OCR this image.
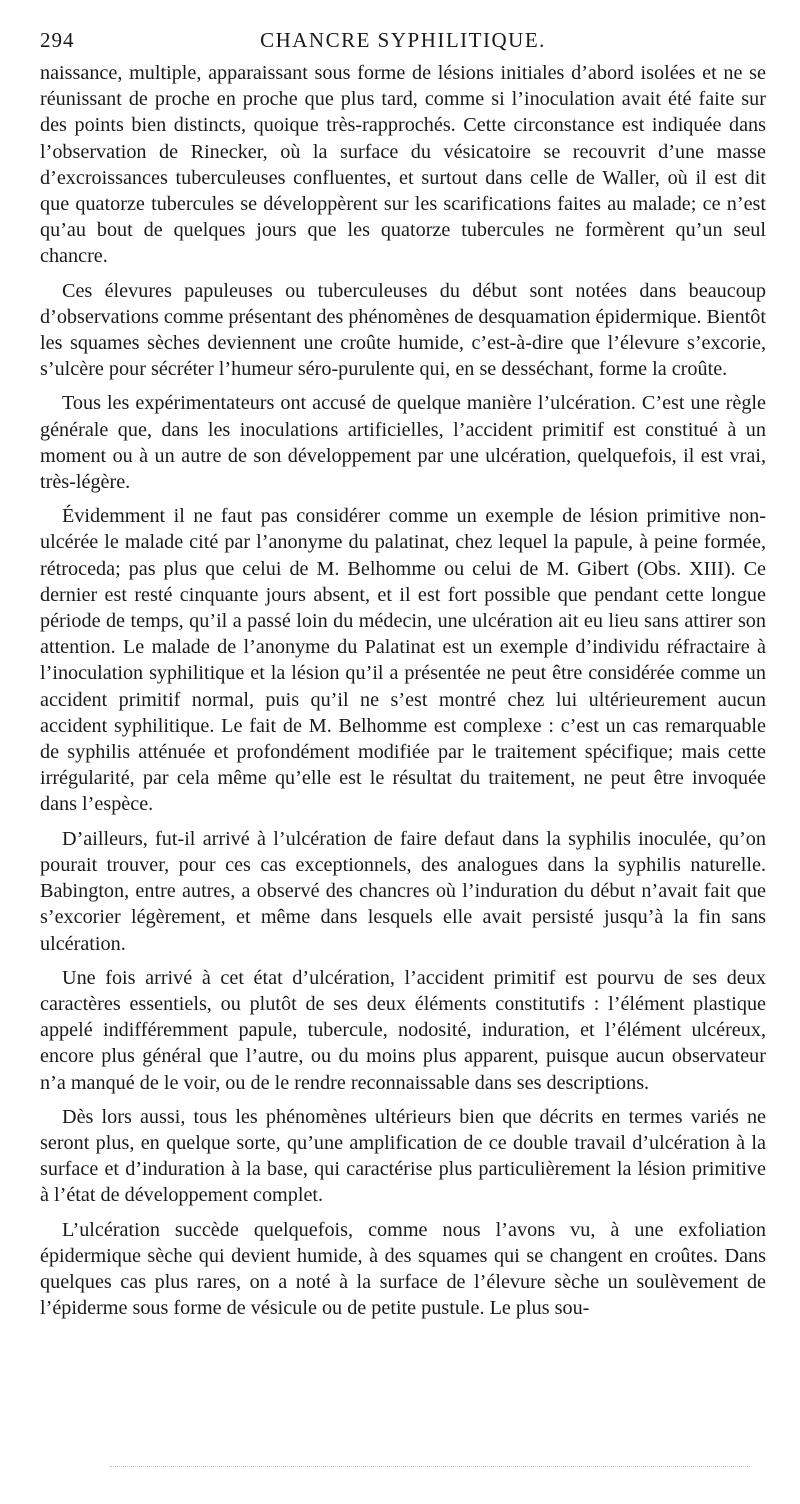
294	CHANCRE SYPHILITIQUE.

naissance, multiple, apparaissant sous forme de lésions initiales d’abord isolées et ne se réunissant de proche en proche que plus tard, comme si l’inoculation avait été faite sur des points bien distincts, quoique très-rapprochés. Cette circonstance est indiquée dans l’observation de Rinecker, où la surface du vésicatoire se recouvrit d’une masse d’excroissances tuberculeuses confluentes, et surtout dans celle de Waller, où il est dit que quatorze tubercules se développèrent sur les scarifications faites au malade; ce n’est qu’au bout de quelques jours que les quatorze tubercules ne formèrent qu’un seul chancre.

Ces élevures papuleuses ou tuberculeuses du début sont notées dans beaucoup d’observations comme présentant des phénomènes de desquamation épidermique. Bientôt les squames sèches deviennent une croûte humide, c’est-à-dire que l’élevure s’excorie, s’ulcère pour sécréter l’humeur séro-purulente qui, en se desséchant, forme la croûte.

Tous les expérimentateurs ont accusé de quelque manière l’ulcération. C’est une règle générale que, dans les inoculations artificielles, l’accident primitif est constitué à un moment ou à un autre de son développement par une ulcération, quelquefois, il est vrai, très-légère.

Évidemment il ne faut pas considérer comme un exemple de lésion primitive non-ulcérée le malade cité par l’anonyme du palatinat, chez lequel la papule, à peine formée, rétroceda; pas plus que celui de M. Belhomme ou celui de M. Gibert (Obs. XIII). Ce dernier est resté cinquante jours absent, et il est fort possible que pendant cette longue période de temps, qu’il a passé loin du médecin, une ulcération ait eu lieu sans attirer son attention. Le malade de l’anonyme du Palatinat est un exemple d’individu réfractaire à l’inoculation syphilitique et la lésion qu’il a présentée ne peut être considérée comme un accident primitif normal, puis qu’il ne s’est montré chez lui ultérieurement aucun accident syphilitique. Le fait de M. Belhomme est complexe : c’est un cas remarquable de syphilis atténuée et profondément modifiée par le traitement spécifique; mais cette irrégularité, par cela même qu’elle est le résultat du traitement, ne peut être invoquée dans l’espèce.

D’ailleurs, fut-il arrivé à l’ulcération de faire defaut dans la syphilis inoculée, qu’on pourait trouver, pour ces cas exceptionnels, des analogues dans la syphilis naturelle. Babington, entre autres, a observé des chancres où l’induration du début n’avait fait que s’excorier légèrement, et même dans lesquels elle avait persisté jusqu’à la fin sans ulcération.

Une fois arrivé à cet état d’ulcération, l’accident primitif est pourvu de ses deux caractères essentiels, ou plutôt de ses deux éléments constitutifs : l’élément plastique appelé indifféremment papule, tubercule, nodosité, induration, et l’élément ulcéreux, encore plus général que l’autre, ou du moins plus apparent, puisque aucun observateur n’a manqué de le voir, ou de le rendre reconnaissable dans ses descriptions.

Dès lors aussi, tous les phénomènes ultérieurs bien que décrits en termes variés ne seront plus, en quelque sorte, qu’une amplification de ce double travail d’ulcération à la surface et d’induration à la base, qui caractérise plus particulièrement la lésion primitive à l’état de développement complet.

L’ulcération succède quelquefois, comme nous l’avons vu, à une exfoliation épidermique sèche qui devient humide, à des squames qui se changent en croûtes. Dans quelques cas plus rares, on a noté à la surface de l’élevure sèche un soulèvement de l’épiderme sous forme de vésicule ou de petite pustule. Le plus sou-
